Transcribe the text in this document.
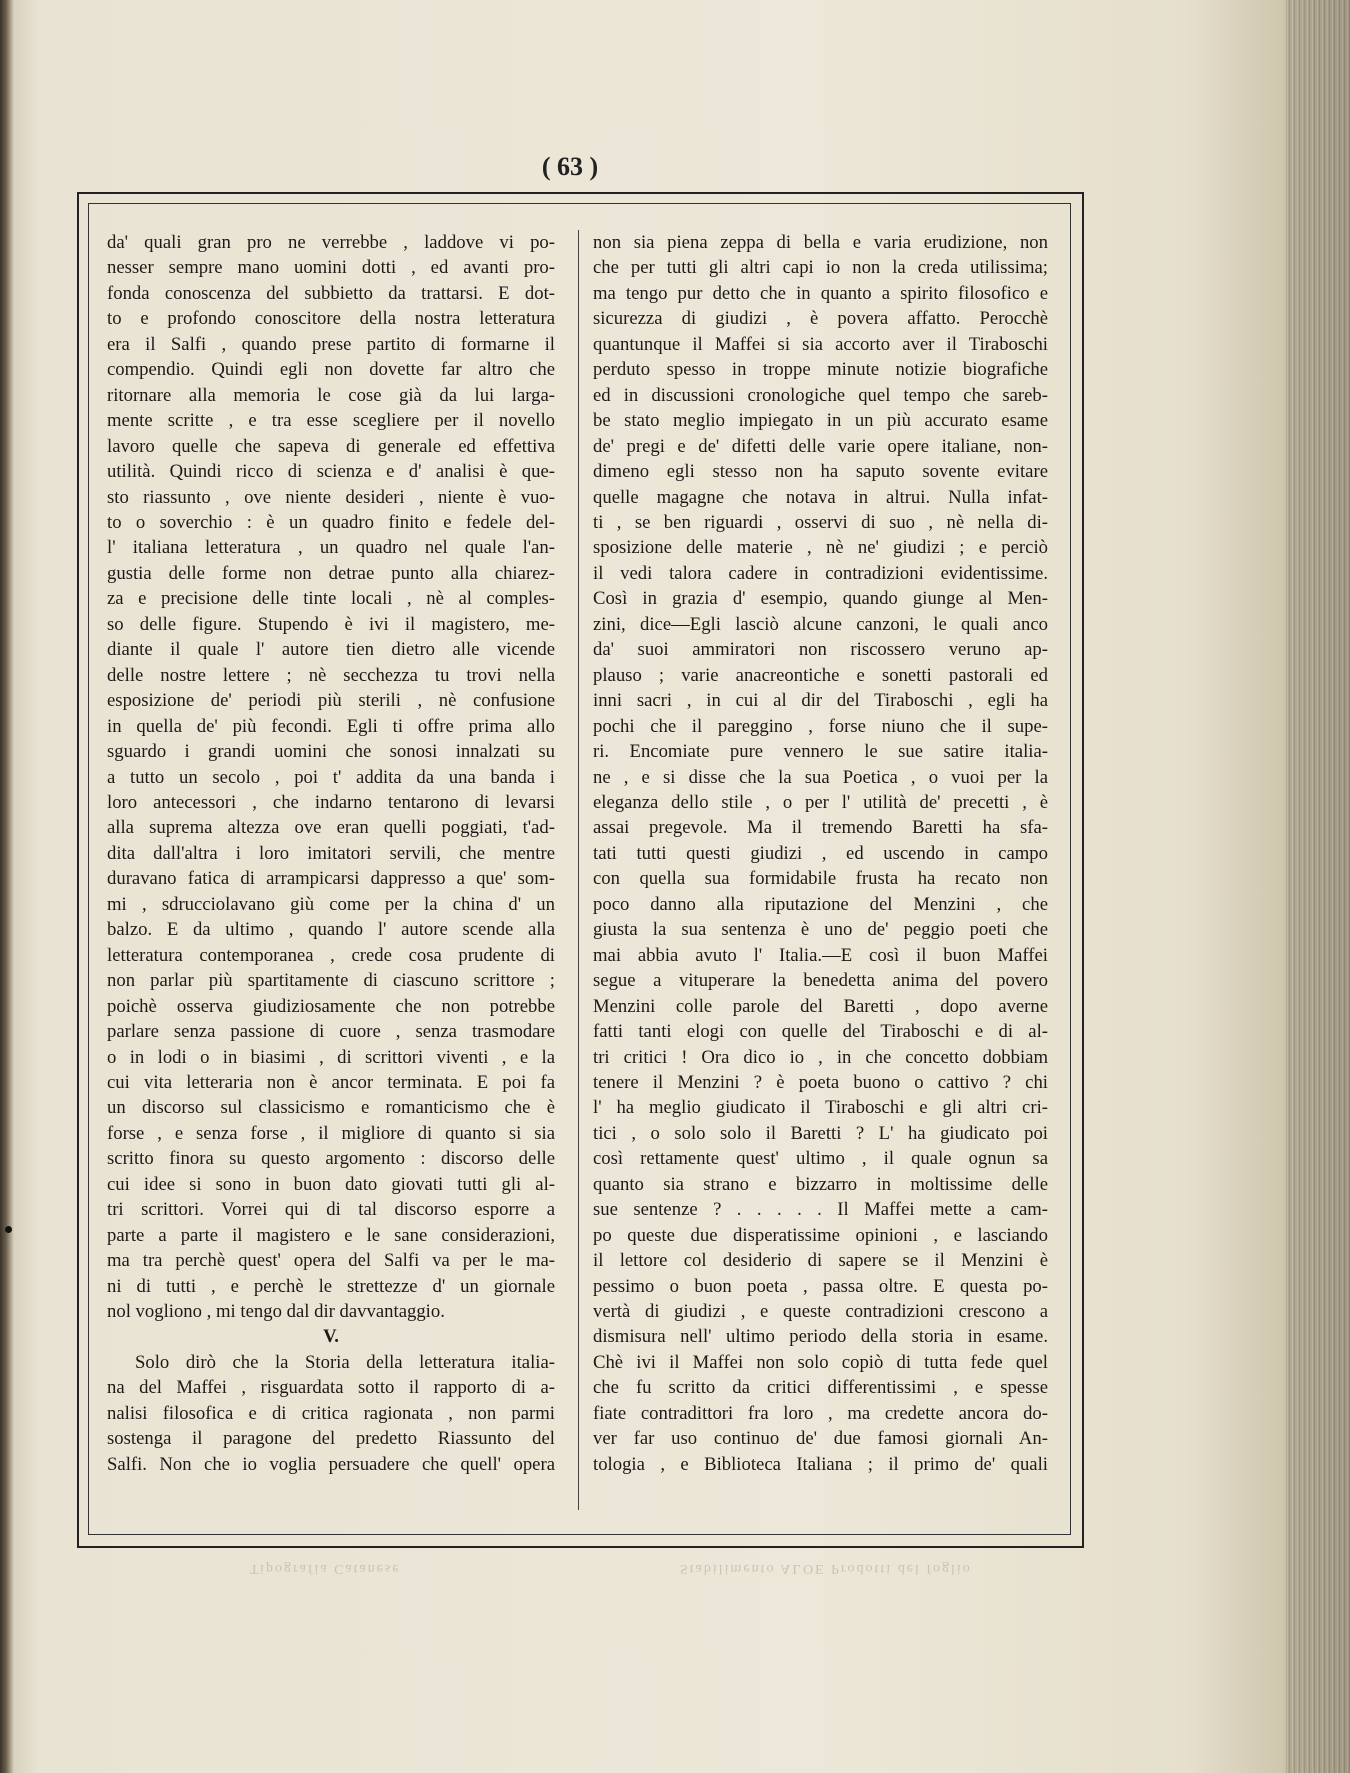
( 63 )
da' quali gran pro ne verrebbe , laddove vi po-
nesser sempre mano uomini dotti , ed avanti pro-
fonda conoscenza del subbietto da trattarsi. E dot-
to e profondo conoscitore della nostra letteratura
era il Salfi , quando prese partito di formarne il
compendio. Quindi egli non dovette far altro che
ritornare alla memoria le cose già da lui larga-
mente scritte , e tra esse scegliere per il novello
lavoro quelle che sapeva di generale ed effettiva
utilità. Quindi ricco di scienza e d' analisi è que-
sto riassunto , ove niente desideri , niente è vuo-
to o soverchio : è un quadro finito e fedele del-
l' italiana letteratura , un quadro nel quale l'an-
gustia delle forme non detrae punto alla chiarez-
za e precisione delle tinte locali , nè al comples-
so delle figure. Stupendo è ivi il magistero, me-
diante il quale l' autore tien dietro alle vicende
delle nostre lettere ; nè secchezza tu trovi nella
esposizione de' periodi più sterili , nè confusione
in quella de' più fecondi. Egli ti offre prima allo
sguardo i grandi uomini che sonosi innalzati su
a tutto un secolo , poi t' addita da una banda i
loro antecessori , che indarno tentarono di levarsi
alla suprema altezza ove eran quelli poggiati, t'ad-
dita dall'altra i loro imitatori servili, che mentre
duravano fatica di arrampicarsi dappresso a que' som-
mi , sdrucciolavano giù come per la china d' un
balzo. E da ultimo , quando l' autore scende alla
letteratura contemporanea , crede cosa prudente di
non parlar più spartitamente di ciascuno scrittore ;
poichè osserva giudiziosamente che non potrebbe
parlare senza passione di cuore , senza trasmodare
o in lodi o in biasimi , di scrittori viventi , e la
cui vita letteraria non è ancor terminata. E poi fa
un discorso sul classicismo e romanticismo che è
forse , e senza forse , il migliore di quanto si sia
scritto finora su questo argomento : discorso delle
cui idee si sono in buon dato giovati tutti gli al-
tri scrittori. Vorrei qui di tal discorso esporre a
parte a parte il magistero e le sane considerazioni,
ma tra perchè quest' opera del Salfi va per le ma-
ni di tutti , e perchè le strettezze d' un giornale
nol vogliono , mi tengo dal dir davvantaggio.
V.
Solo dirò che la Storia della letteratura italia-
na del Maffei , risguardata sotto il rapporto di a-
nalisi filosofica e di critica ragionata , non parmi
sostenga il paragone del predetto Riassunto del
Salfi. Non che io voglia persuadere che quell' opera
non sia piena zeppa di bella e varia erudizione, non
che per tutti gli altri capi io non la creda utilissima;
ma tengo pur detto che in quanto a spirito filosofico e
sicurezza di giudizi , è povera affatto. Perocchè
quantunque il Maffei si sia accorto aver il Tiraboschi
perduto spesso in troppe minute notizie biografiche
ed in discussioni cronologiche quel tempo che sareb-
be stato meglio impiegato in un più accurato esame
de' pregi e de' difetti delle varie opere italiane, non-
dimeno egli stesso non ha saputo sovente evitare
quelle magagne che notava in altrui. Nulla infat-
ti , se ben riguardi , osservi di suo , nè nella di-
sposizione delle materie , nè ne' giudizi ; e perciò
il vedi talora cadere in contradizioni evidentissime.
Così in grazia d' esempio, quando giunge al Men-
zini, dice—Egli lasciò alcune canzoni, le quali anco
da' suoi ammiratori non riscossero veruno ap-
plauso ; varie anacreontiche e sonetti pastorali ed
inni sacri , in cui al dir del Tiraboschi , egli ha
pochi che il pareggino , forse niuno che il supe-
ri. Encomiate pure vennero le sue satire italia-
ne , e si disse che la sua Poetica , o vuoi per la
eleganza dello stile , o per l' utilità de' precetti , è
assai pregevole. Ma il tremendo Baretti ha sfa-
tati tutti questi giudizi , ed uscendo in campo
con quella sua formidabile frusta ha recato non
poco danno alla riputazione del Menzini , che
giusta la sua sentenza è uno de' peggio poeti che
mai abbia avuto l' Italia.—E così il buon Maffei
segue a vituperare la benedetta anima del povero
Menzini colle parole del Baretti , dopo averne
fatti tanti elogi con quelle del Tiraboschi e di al-
tri critici ! Ora dico io , in che concetto dobbiam
tenere il Menzini ? è poeta buono o cattivo ? chi
l' ha meglio giudicato il Tiraboschi e gli altri cri-
tici , o solo solo il Baretti ? L' ha giudicato poi
così rettamente quest' ultimo , il quale ognun sa
quanto sia strano e bizzarro in moltissime delle
sue sentenze ? . . . . . Il Maffei mette a cam-
po queste due disperatissime opinioni , e lasciando
il lettore col desiderio di sapere se il Menzini è
pessimo o buon poeta , passa oltre. E questa po-
vertà di giudizi , e queste contradizioni crescono a
dismisura nell' ultimo periodo della storia in esame.
Chè ivi il Maffei non solo copiò di tutta fede quel
che fu scritto da critici differentissimi , e spesse
fiate contradittori fra loro , ma credette ancora do-
ver far uso continuo de' due famosi giornali An-
tologia , e Biblioteca Italiana ; il primo de' quali
Tipografia Catanese	Stabilimento ALOE Prodotti del foglio
